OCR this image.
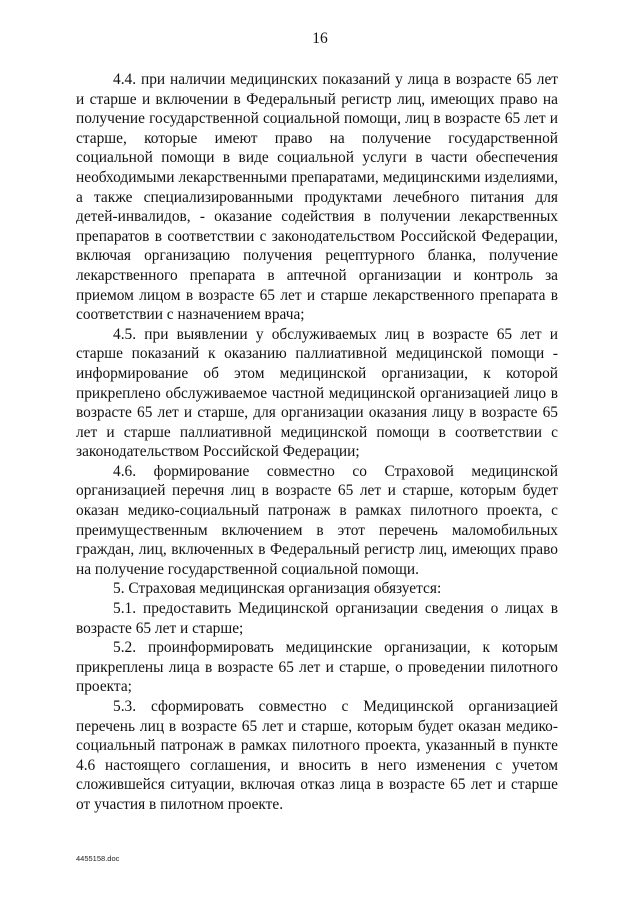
16

4.4. при наличии медицинских показаний у лица в возрасте 65 лет и старше и включении в Федеральный регистр лиц, имеющих право на получение государственной социальной помощи, лиц в возрасте 65 лет и старше, которые имеют право на получение государственной социальной помощи в виде социальной услуги в части обеспечения необходимыми лекарственными препаратами, медицинскими изделиями, а также специализированными продуктами лечебного питания для детей-инвалидов, - оказание содействия в получении лекарственных препаратов в соответствии с законодательством Российской Федерации, включая организацию получения рецептурного бланка, получение лекарственного препарата в аптечной организации и контроль за приемом лицом в возрасте 65 лет и старше лекарственного препарата в соответствии с назначением врача;

4.5. при выявлении у обслуживаемых лиц в возрасте 65 лет и старше показаний к оказанию паллиативной медицинской помощи - информирование об этом медицинской организации, к которой прикреплено обслуживаемое частной медицинской организацией лицо в возрасте 65 лет и старше, для организации оказания лицу в возрасте 65 лет и старше паллиативной медицинской помощи в соответствии с законодательством Российской Федерации;

4.6. формирование совместно со Страховой медицинской организацией перечня лиц в возрасте 65 лет и старше, которым будет оказан медико-социальный патронаж в рамках пилотного проекта, с преимущественным включением в этот перечень маломобильных граждан, лиц, включенных в Федеральный регистр лиц, имеющих право на получение государственной социальной помощи.

5. Страховая медицинская организация обязуется:

5.1. предоставить Медицинской организации сведения о лицах в возрасте 65 лет и старше;

5.2. проинформировать медицинские организации, к которым прикреплены лица в возрасте 65 лет и старше, о проведении пилотного проекта;

5.3. сформировать совместно с Медицинской организацией перечень лиц в возрасте 65 лет и старше, которым будет оказан медико-социальный патронаж в рамках пилотного проекта, указанный в пункте 4.6 настоящего соглашения, и вносить в него изменения с учетом сложившейся ситуации, включая отказ лица в возрасте 65 лет и старше от участия в пилотном проекте.

4455158.doc
